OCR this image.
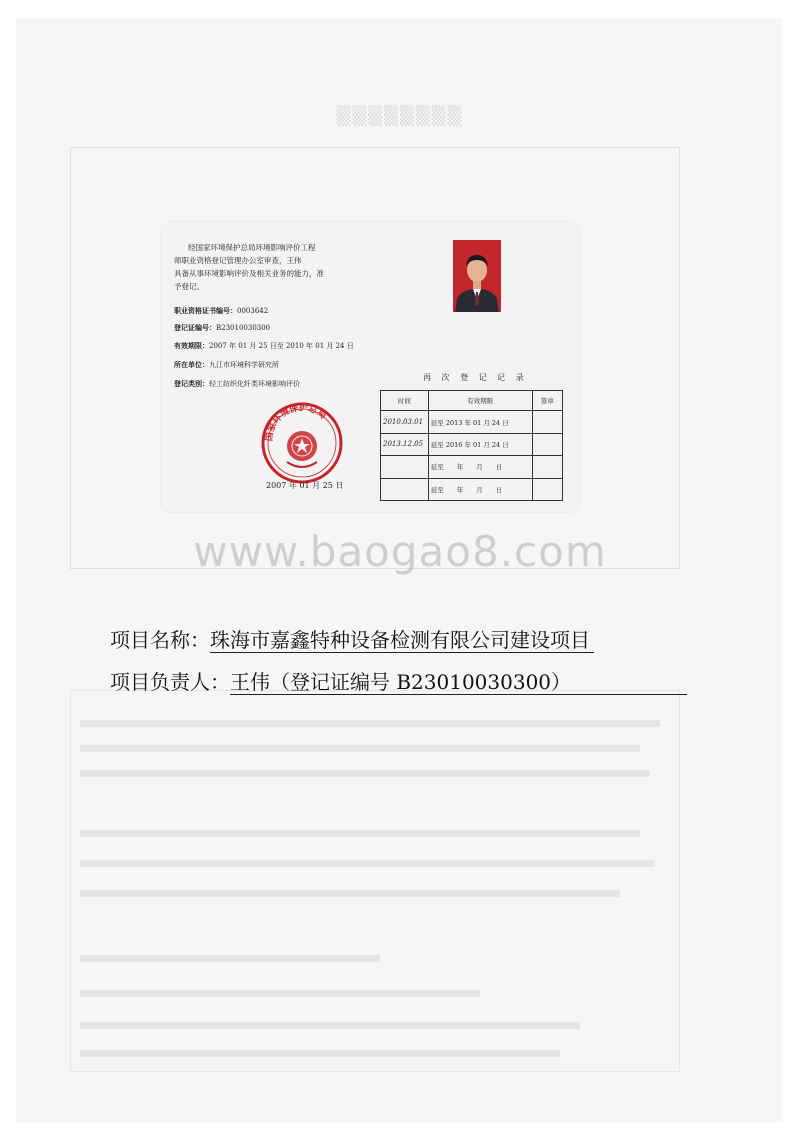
▒▒▒▒▒▒▒▒
经国家环境保护总局环境影响评价工程
师职业资格登记管理办公室审查，王伟
具备从事环境影响评价及相关业务的能力，准
予登记。
职业资格证书编号：0003642
登记证编号：B23010030300
有效期限：2007 年 01 月 25 日至 2010 年 01 月 24 日
所在单位：九江市环境科学研究所
登记类别：轻工纺织化纤类环境影响评价
国家环境保护总局
2007 年 01 月 25 日
再 次 登 记 记 录
时间	有效期限	签章
2010.03.01	延至 2013 年 01 月 24 日	
2013.12.05	延至 2016 年 01 月 24 日	
	延至　　年　　月　　日	
	延至　　年　　月　　日	
www.baogao8.com
项目名称：珠海市嘉鑫特种设备检测有限公司建设项目
项目负责人：王伟（登记证编号 B23010030300）
